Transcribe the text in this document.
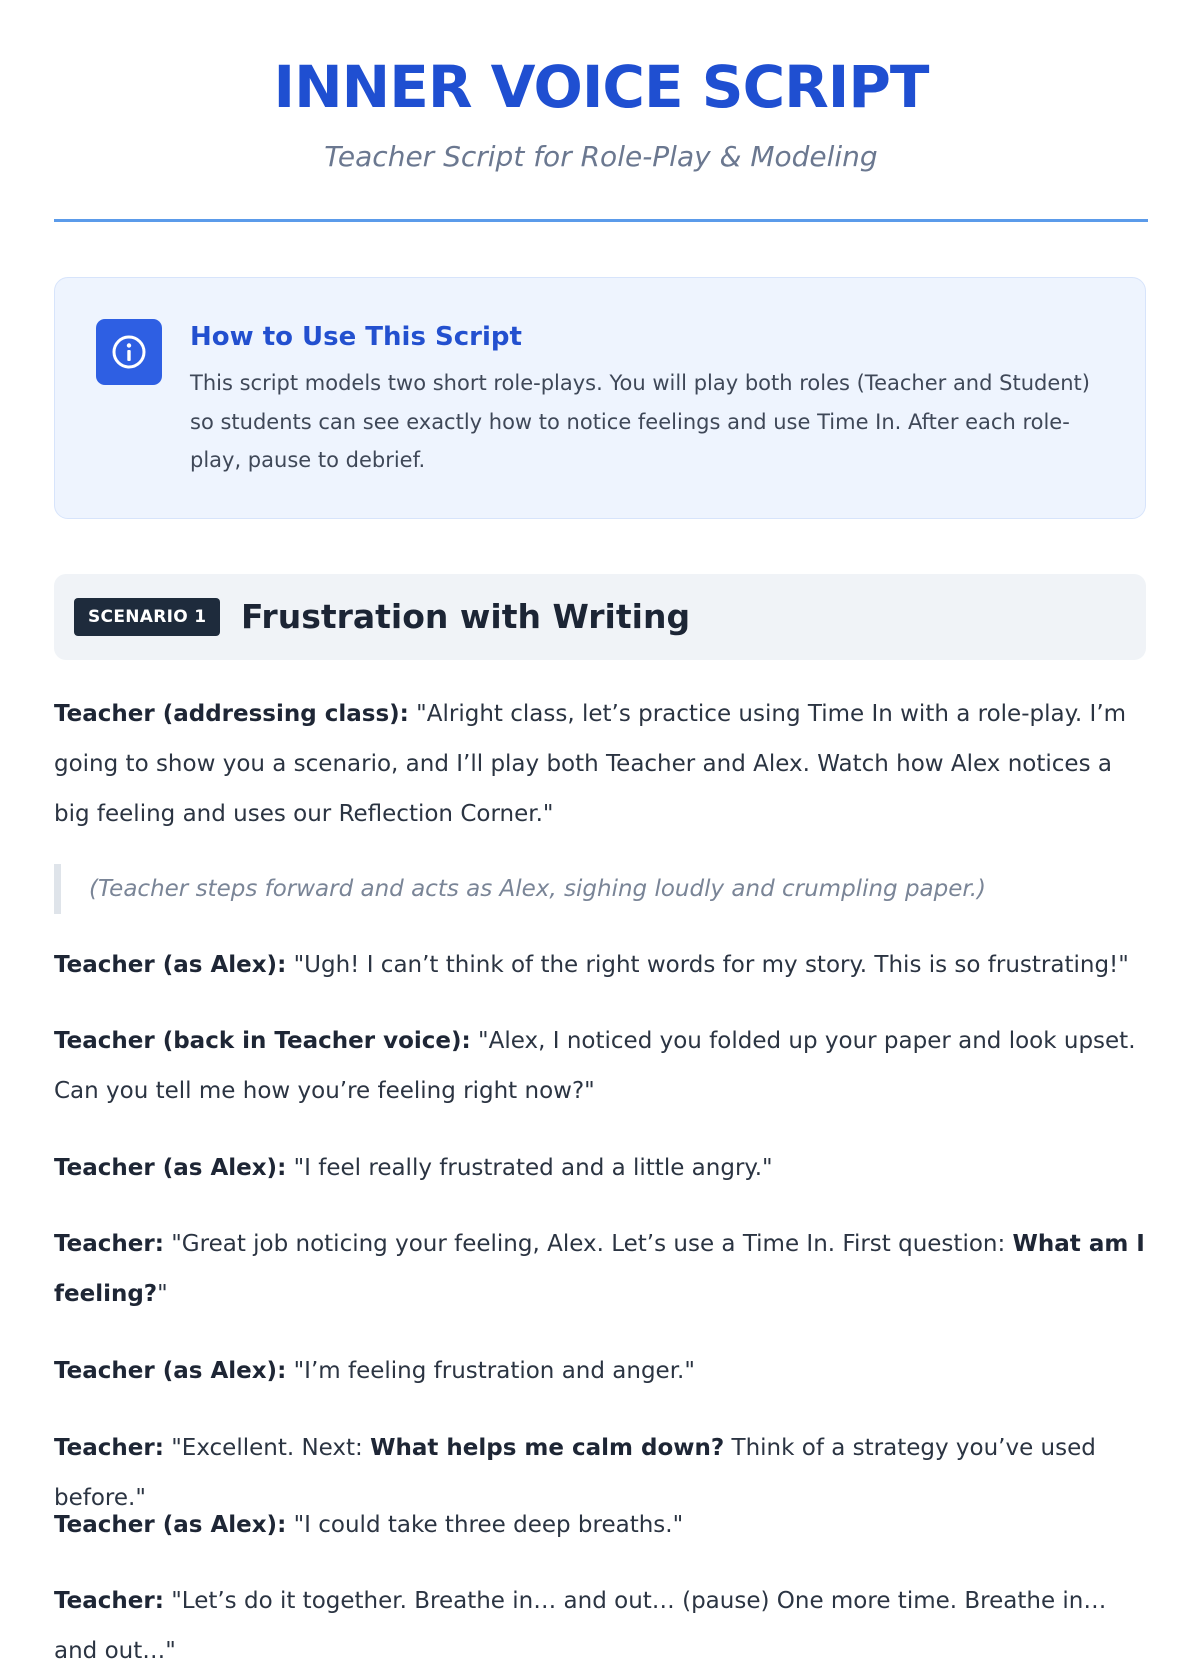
INNER VOICE SCRIPT
Teacher Script for Role-Play & Modeling
How to Use This Script
This script models two short role-plays. You will play both roles (Teacher and Student) so students can see exactly how to notice feelings and use Time In. After each role-play, pause to debrief.
SCENARIO 1	Frustration with Writing
Teacher (addressing class): "Alright class, let’s practice using Time In with a role-play. I’m going to show you a scenario, and I’ll play both Teacher and Alex. Watch how Alex notices a big feeling and uses our Reflection Corner."
(Teacher steps forward and acts as Alex, sighing loudly and crumpling paper.)
Teacher (as Alex): "Ugh! I can’t think of the right words for my story. This is so frustrating!"
Teacher (back in Teacher voice): "Alex, I noticed you folded up your paper and look upset. Can you tell me how you’re feeling right now?"
Teacher (as Alex): "I feel really frustrated and a little angry."
Teacher: "Great job noticing your feeling, Alex. Let’s use a Time In. First question: What am I feeling?"
Teacher (as Alex): "I’m feeling frustration and anger."
Teacher: "Excellent. Next: What helps me calm down? Think of a strategy you’ve used before."
Teacher (as Alex): "I could take three deep breaths."
Teacher: "Let’s do it together. Breathe in… and out… (pause) One more time. Breathe in… and out…"
